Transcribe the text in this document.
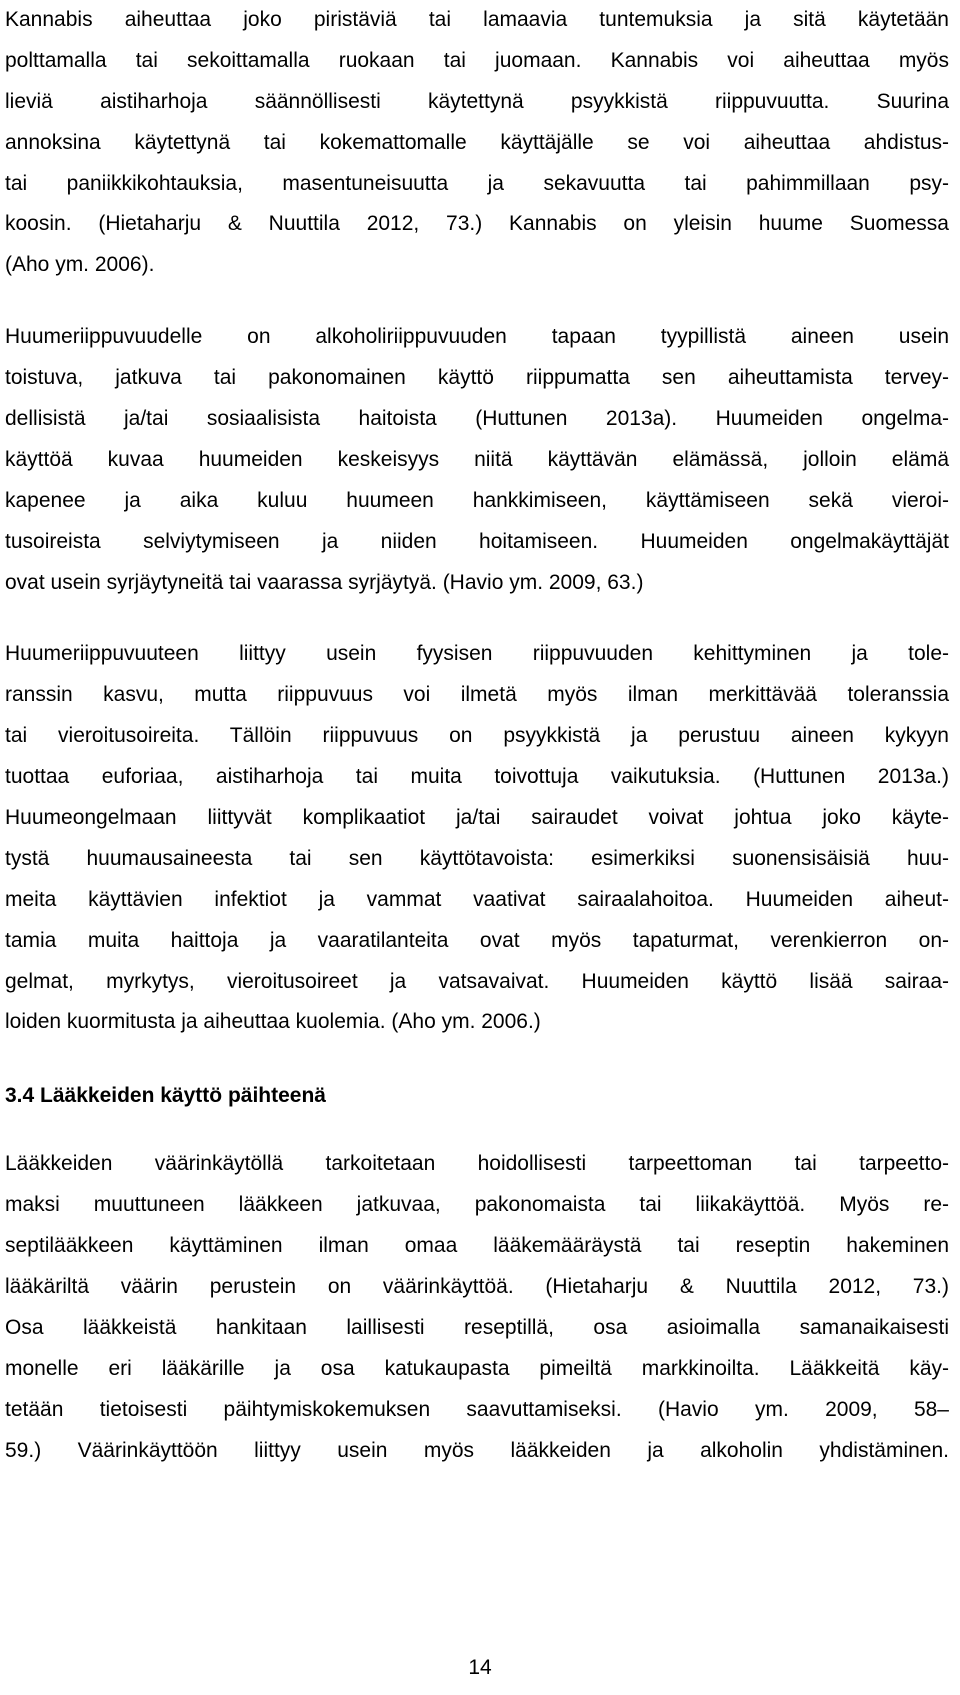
Kannabis aiheuttaa joko piristäviä tai lamaavia tuntemuksia ja sitä käytetään
polttamalla tai sekoittamalla ruokaan tai juomaan. Kannabis voi aiheuttaa myös
lieviä aistiharhoja säännöllisesti käytettynä psyykkistä riippuvuutta. Suurina
annoksina käytettynä tai kokemattomalle käyttäjälle se voi aiheuttaa ahdistus-
tai paniikkikohtauksia, masentuneisuutta ja sekavuutta tai pahimmillaan psy-
koosin. (Hietaharju & Nuuttila 2012, 73.) Kannabis on yleisin huume Suomessa
(Aho ym. 2006).
Huumeriippuvuudelle on alkoholiriippuvuuden tapaan tyypillistä aineen usein
toistuva, jatkuva tai pakonomainen käyttö riippumatta sen aiheuttamista tervey-
dellisistä ja/tai sosiaalisista haitoista (Huttunen 2013a). Huumeiden ongelma-
käyttöä kuvaa huumeiden keskeisyys niitä käyttävän elämässä, jolloin elämä
kapenee ja aika kuluu huumeen hankkimiseen, käyttämiseen sekä vieroi-
tusoireista selviytymiseen ja niiden hoitamiseen. Huumeiden ongelmakäyttäjät
ovat usein syrjäytyneitä tai vaarassa syrjäytyä. (Havio ym. 2009, 63.)
Huumeriippuvuuteen liittyy usein fyysisen riippuvuuden kehittyminen ja tole-
ranssin kasvu, mutta riippuvuus voi ilmetä myös ilman merkittävää toleranssia
tai vieroitusoireita. Tällöin riippuvuus on psyykkistä ja perustuu aineen kykyyn
tuottaa euforiaa, aistiharhoja tai muita toivottuja vaikutuksia. (Huttunen 2013a.)
Huumeongelmaan liittyvät komplikaatiot ja/tai sairaudet voivat johtua joko käyte-
tystä huumausaineesta tai sen käyttötavoista: esimerkiksi suonensisäisiä huu-
meita käyttävien infektiot ja vammat vaativat sairaalahoitoa. Huumeiden aiheut-
tamia muita haittoja ja vaaratilanteita ovat myös tapaturmat, verenkierron on-
gelmat, myrkytys, vieroitusoireet ja vatsavaivat. Huumeiden käyttö lisää sairaa-
loiden kuormitusta ja aiheuttaa kuolemia. (Aho ym. 2006.)
3.4 Lääkkeiden käyttö päihteenä
Lääkkeiden väärinkäytöllä tarkoitetaan hoidollisesti tarpeettoman tai tarpeetto-
maksi muuttuneen lääkkeen jatkuvaa, pakonomaista tai liikakäyttöä. Myös re-
septilääkkeen käyttäminen ilman omaa lääkemääräystä tai reseptin hakeminen
lääkäriltä väärin perustein on väärinkäyttöä. (Hietaharju & Nuuttila 2012, 73.)
Osa lääkkeistä hankitaan laillisesti reseptillä, osa asioimalla samanaikaisesti
monelle eri lääkärille ja osa katukaupasta pimeiltä markkinoilta. Lääkkeitä käy-
tetään tietoisesti päihtymiskokemuksen saavuttamiseksi. (Havio ym. 2009, 58–
59.) Väärinkäyttöön liittyy usein myös lääkkeiden ja alkoholin yhdistäminen.
14
